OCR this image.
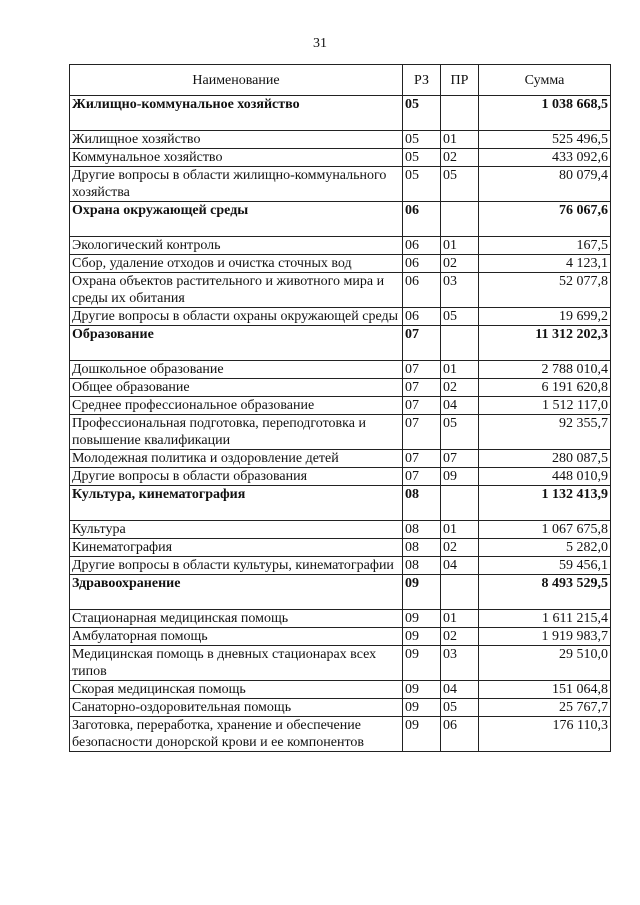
31
Наименование	РЗ	ПР	Сумма
Жилищно-коммунальное хозяйство	05		1 038 668,5
Жилищное хозяйство	05	01	525 496,5
Коммунальное хозяйство	05	02	433 092,6
Другие вопросы в области жилищно-коммунального хозяйства	05	05	80 079,4
Охрана окружающей среды	06		76 067,6
Экологический контроль	06	01	167,5
Сбор, удаление отходов и очистка сточных вод	06	02	4 123,1
Охрана объектов растительного и животного мира и среды их обитания	06	03	52 077,8
Другие вопросы в области охраны окружающей среды	06	05	19 699,2
Образование	07		11 312 202,3
Дошкольное образование	07	01	2 788 010,4
Общее образование	07	02	6 191 620,8
Среднее профессиональное образование	07	04	1 512 117,0
Профессиональная подготовка, переподготовка и повышение квалификации	07	05	92 355,7
Молодежная политика и оздоровление детей	07	07	280 087,5
Другие вопросы в области образования	07	09	448 010,9
Культура, кинематография	08		1 132 413,9
Культура	08	01	1 067 675,8
Кинематография	08	02	5 282,0
Другие вопросы в области культуры, кинематографии	08	04	59 456,1
Здравоохранение	09		8 493 529,5
Стационарная медицинская помощь	09	01	1 611 215,4
Амбулаторная помощь	09	02	1 919 983,7
Медицинская помощь в дневных стационарах всех типов	09	03	29 510,0
Скорая медицинская помощь	09	04	151 064,8
Санаторно-оздоровительная помощь	09	05	25 767,7
Заготовка, переработка, хранение и обеспечение безопасности донорской крови и ее компонентов	09	06	176 110,3
